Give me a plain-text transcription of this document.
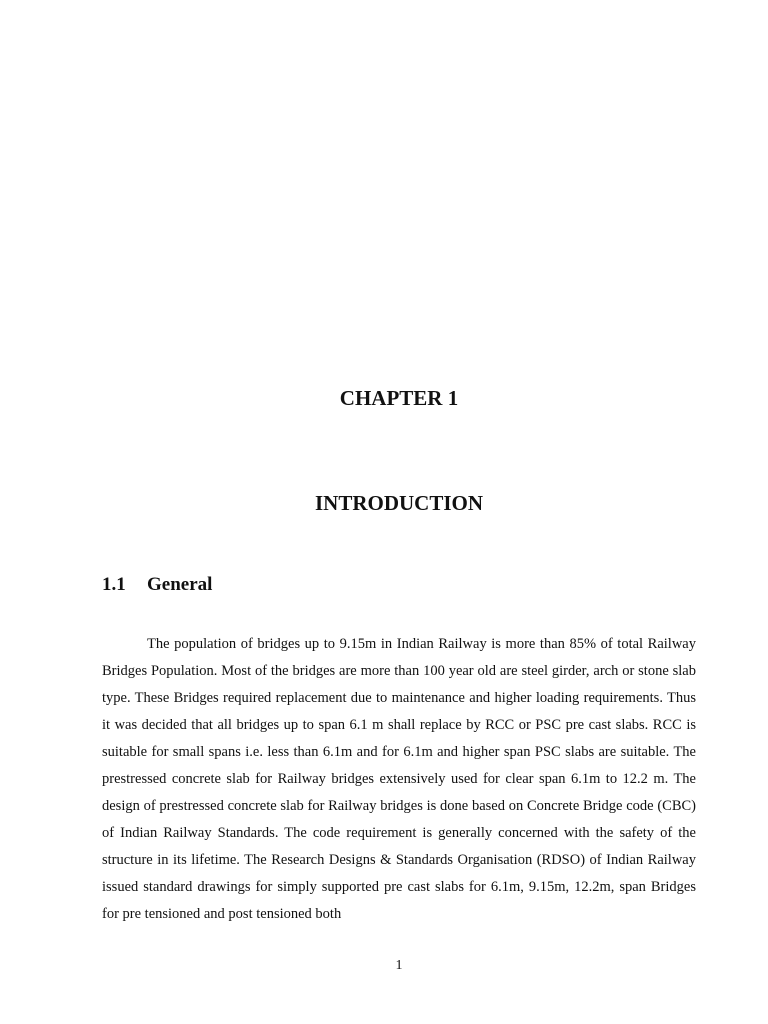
CHAPTER 1
INTRODUCTION
1.1 General

The population of bridges up to 9.15m in Indian Railway is more than 85% of total Railway Bridges Population. Most of the bridges are more than 100 year old are steel girder, arch or stone slab type. These Bridges required replacement due to maintenance and higher loading requirements. Thus it was decided that all bridges up to span 6.1 m shall replace by RCC or PSC pre cast slabs. RCC is suitable for small spans i.e. less than 6.1m and for 6.1m and higher span PSC slabs are suitable. The prestressed concrete slab for Railway bridges extensively used for clear span 6.1m to 12.2 m. The design of prestressed concrete slab for Railway bridges is done based on Concrete Bridge code (CBC) of Indian Railway Standards. The code requirement is generally concerned with the safety of the structure in its lifetime. The Research Designs & Standards Organisation (RDSO) of Indian Railway issued standard drawings for simply supported pre cast slabs for 6.1m, 9.15m, 12.2m, span Bridges for pre tensioned and post tensioned both

1
